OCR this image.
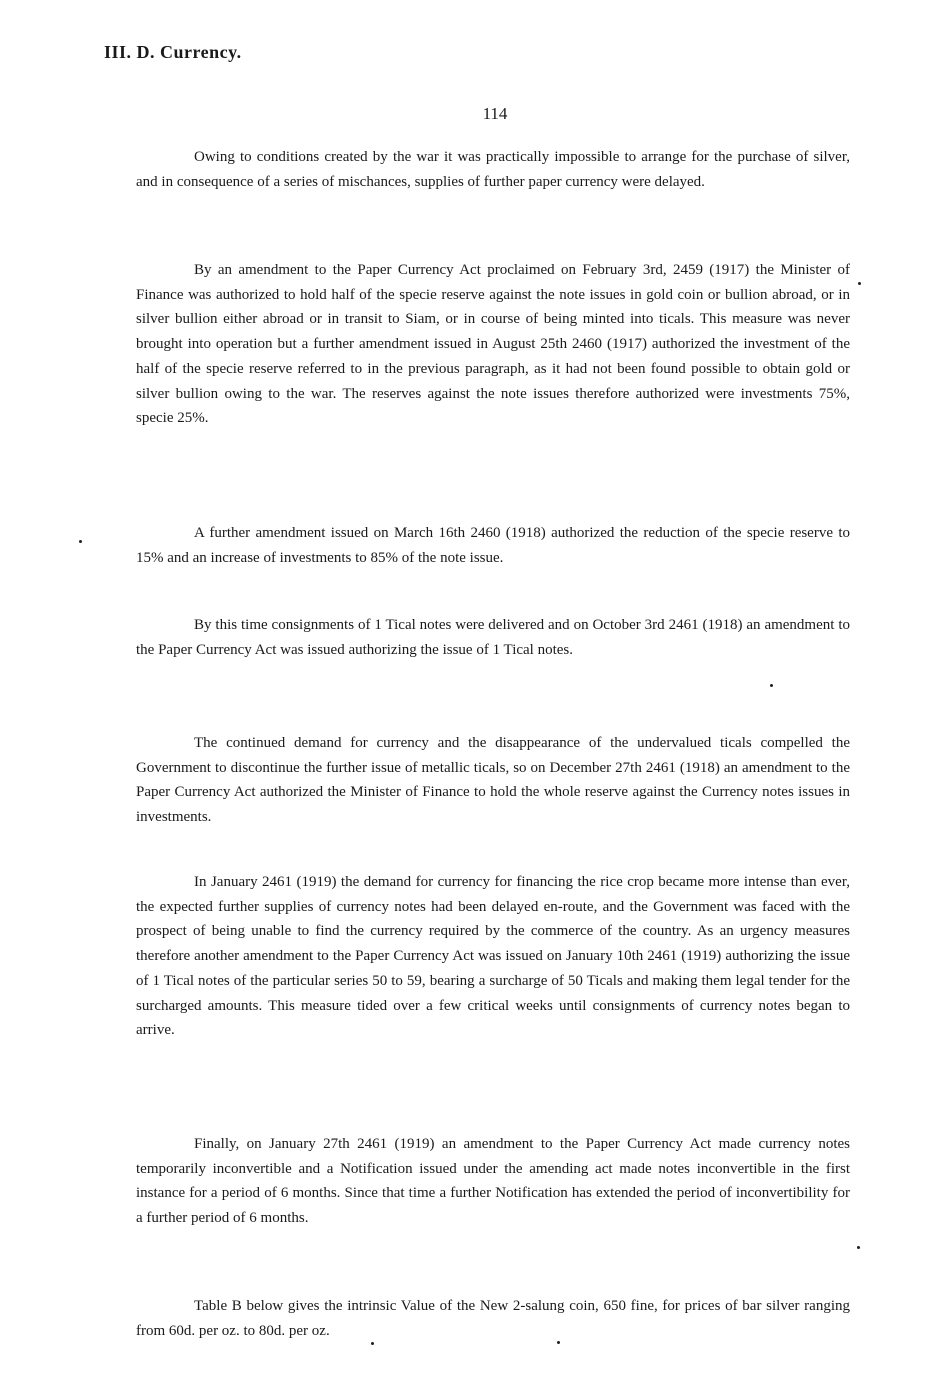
III. D. Currency.
114

Owing to conditions created by the war it was practically impossible to arrange for the purchase of silver, and in consequence of a series of mischances, supplies of further paper currency were delayed.

By an amendment to the Paper Currency Act proclaimed on February 3rd, 2459 (1917) the Minister of Finance was authorized to hold half of the specie reserve against the note issues in gold coin or bullion abroad, or in silver bullion either abroad or in transit to Siam, or in course of being minted into ticals. This measure was never brought into operation but a further amendment issued in August 25th 2460 (1917) authorized the investment of the half of the specie reserve referred to in the previous paragraph, as it had not been found possible to obtain gold or silver bullion owing to the war. The reserves against the note issues therefore authorized were investments 75%, specie 25%.

A further amendment issued on March 16th 2460 (1918) authorized the reduction of the specie reserve to 15% and an increase of investments to 85% of the note issue.

By this time consignments of 1 Tical notes were delivered and on October 3rd 2461 (1918) an amendment to the Paper Currency Act was issued authorizing the issue of 1 Tical notes.

The continued demand for currency and the disappearance of the undervalued ticals compelled the Government to discontinue the further issue of metallic ticals, so on December 27th 2461 (1918) an amendment to the Paper Currency Act authorized the Minister of Finance to hold the whole reserve against the Currency notes issues in investments.

In January 2461 (1919) the demand for currency for financing the rice crop became more intense than ever, the expected further supplies of currency notes had been delayed en-route, and the Government was faced with the prospect of being unable to find the currency required by the commerce of the country. As an urgency measures therefore another amendment to the Paper Currency Act was issued on January 10th 2461 (1919) authorizing the issue of 1 Tical notes of the particular series 50 to 59, bearing a surcharge of 50 Ticals and making them legal tender for the surcharged amounts. This measure tided over a few critical weeks until consignments of currency notes began to arrive.

Finally, on January 27th 2461 (1919) an amendment to the Paper Currency Act made currency notes temporarily inconvertible and a Notification issued under the amending act made notes inconvertible in the first instance for a period of 6 months. Since that time a further Notification has extended the period of inconvertibility for a further period of 6 months.

Table B below gives the intrinsic Value of the New 2-salung coin, 650 fine, for prices of bar silver ranging from 60d. per oz. to 80d. per oz.
